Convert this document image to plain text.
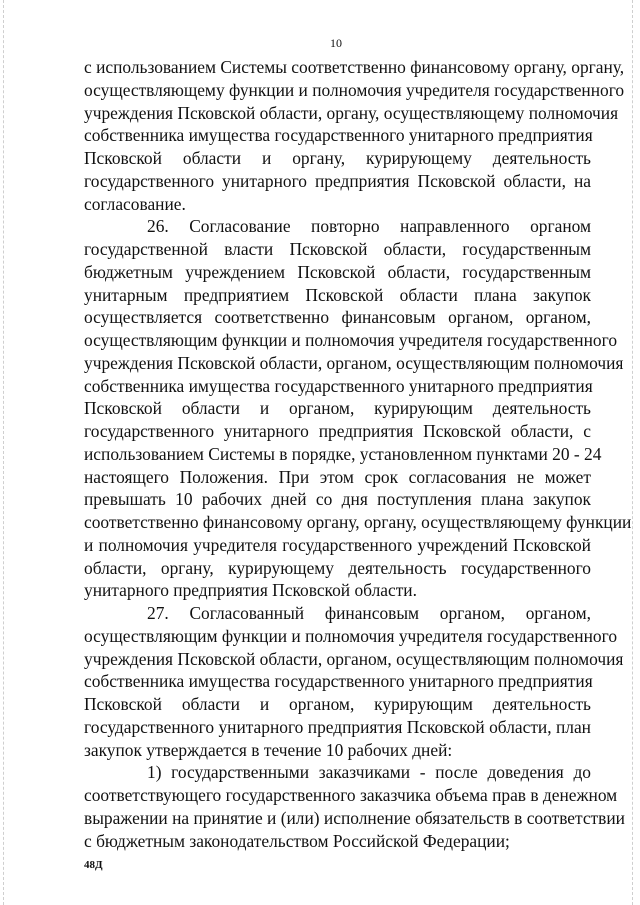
10
с использованием Системы соответственно финансовому органу, органу,
осуществляющему функции и полномочия учредителя государственного
учреждения Псковской области, органу, осуществляющему полномочия
собственника имущества государственного унитарного предприятия
Псковской области и органу, курирующему деятельность
государственного унитарного предприятия Псковской области, на
согласование.
26. Согласование повторно направленного органом
государственной власти Псковской области, государственным
бюджетным учреждением Псковской области, государственным
унитарным предприятием Псковской области плана закупок
осуществляется соответственно финансовым органом, органом,
осуществляющим функции и полномочия учредителя государственного
учреждения Псковской области, органом, осуществляющим полномочия
собственника имущества государственного унитарного предприятия
Псковской области и органом, курирующим деятельность
государственного унитарного предприятия Псковской области, с
использованием Системы в порядке, установленном пунктами 20 - 24
настоящего Положения. При этом срок согласования не может
превышать 10 рабочих дней со дня поступления плана закупок
соответственно финансовому органу, органу, осуществляющему функции
и полномочия учредителя государственного учреждений Псковской
области, органу, курирующему деятельность государственного
унитарного предприятия Псковской области.
27. Согласованный финансовым органом, органом,
осуществляющим функции и полномочия учредителя государственного
учреждения Псковской области, органом, осуществляющим полномочия
собственника имущества государственного унитарного предприятия
Псковской области и органом, курирующим деятельность
государственного унитарного предприятия Псковской области, план
закупок утверждается в течение 10 рабочих дней:
1) государственными заказчиками - после доведения до
соответствующего государственного заказчика объема прав в денежном
выражении на принятие и (или) исполнение обязательств в соответствии
с бюджетным законодательством Российской Федерации;
48Д
